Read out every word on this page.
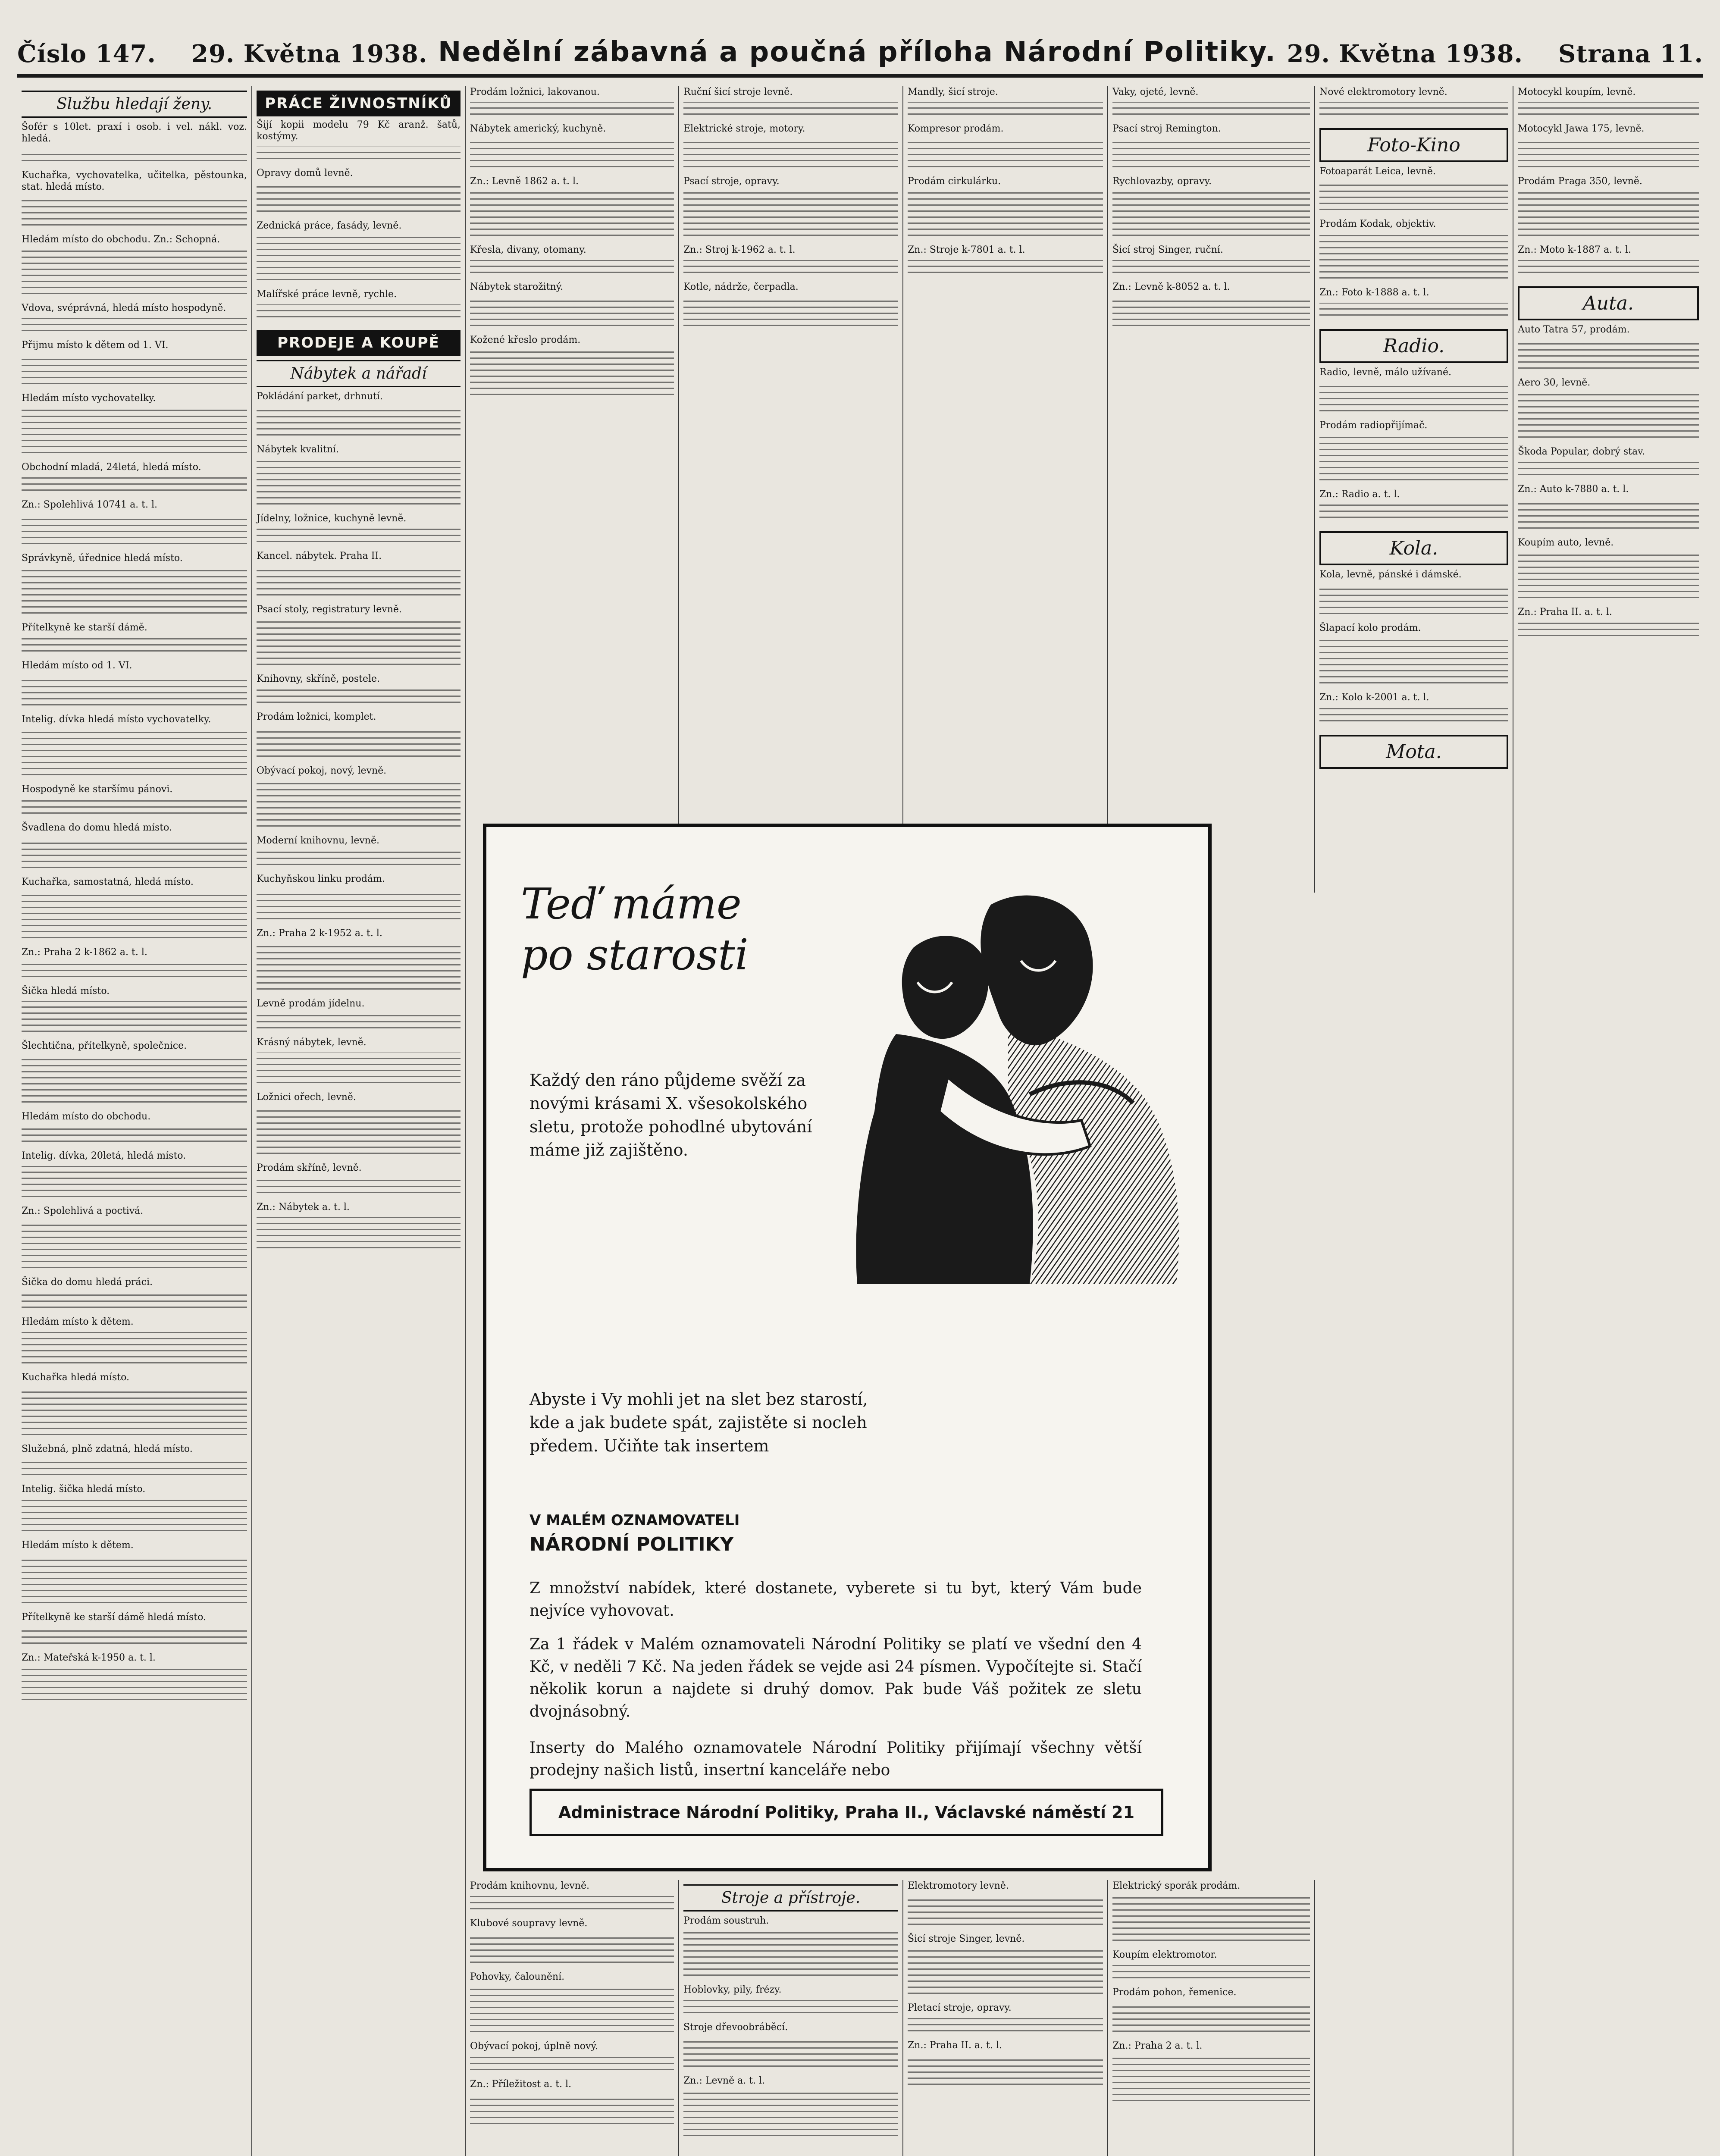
Číslo 147. 29. Května 1938. Nedělní zábavná a poučná příloha Národní Politiky. 29. Května 1938. Strana 11.
Službu hledají ženy.

Šofér s 10let. praxí i osob. i vel. nákl. voz. hledá.

Kuchařka, vychovatelka, učitelka, pěstounka, stat. hledá místo.

Hledám místo do obchodu. Zn.: Schopná.

Vdova, svéprávná, hledá místo hospodyně.

Přijmu místo k dětem od 1. VI.

Hledám místo vychovatelky.

Obchodní mladá, 24letá, hledá místo.

Zn.: Spolehlivá 10741 a. t. l.

Správkyně, úřednice hledá místo.

Přítelkyně ke starší dámě.

Hledám místo od 1. VI.

Intelig. dívka hledá místo vychovatelky.

Hospodyně ke staršímu pánovi.

Švadlena do domu hledá místo.

Kuchařka, samostatná, hledá místo.

Zn.: Praha 2 k-1862 a. t. l.

Šička hledá místo.

Šlechtična, přítelkyně, společnice.

Hledám místo do obchodu.

Intelig. dívka, 20letá, hledá místo.

Zn.: Spolehlivá a poctivá.

Šička do domu hledá práci.

Hledám místo k dětem.

Kuchařka hledá místo.

Služebná, plně zdatná, hledá místo.

Intelig. šička hledá místo.

Hledám místo k dětem.

Přítelkyně ke starší dámě hledá místo.

Zn.: Mateřská k-1950 a. t. l.

PRÁCE ŽIVNOSTNÍKŮ

Šijí kopii modelu 79 Kč aranž. šatů, kostýmy.

Opravy domů levně.

Zednická práce, fasády, levně.

Malířské práce levně, rychle.

PRODEJE A KOUPĚ
Nábytek a nářadí

Pokládání parket, drhnutí.

Nábytek kvalitní.

Jídelny, ložnice, kuchyně levně.

Kancel. nábytek. Praha II.

Psací stoly, registratury levně.

Knihovny, skříně, postele.

Prodám ložnici, komplet.

Obývací pokoj, nový, levně.

Moderní knihovnu, levně.

Kuchyňskou linku prodám.

Zn.: Praha 2 k-1952 a. t. l.

Levně prodám jídelnu.

Krásný nábytek, levně.

Ložnici ořech, levně.

Prodám skříně, levně.

Zn.: Nábytek a. t. l.

Prodám ložnici, lakovanou.

Nábytek americký, kuchyně.

Zn.: Levně 1862 a. t. l.

Křesla, divany, otomany.

Nábytek starožitný.

Kožené křeslo prodám.

Prodám knihovnu, levně.

Klubové soupravy levně.

Pohovky, čalounění.

Obývací pokoj, úplně nový.

Zn.: Příležitost a. t. l.

Ruční šicí stroje levně.

Elektrické stroje, motory.

Psací stroje, opravy.

Zn.: Stroj k-1962 a. t. l.

Kotle, nádrže, čerpadla.

Stroje a přístroje.

Prodám soustruh.

Hoblovky, pily, frézy.

Stroje dřevoobráběcí.

Zn.: Levně a. t. l.

Mandly, šicí stroje.

Kompresor prodám.

Prodám cirkulárku.

Zn.: Stroje k-7801 a. t. l.

Elektromotory levně.

Šicí stroje Singer, levně.

Pletací stroje, opravy.

Zn.: Praha II. a. t. l.

Vaky, ojeté, levně.

Psací stroj Remington.

Rychlovazby, opravy.

Šicí stroj Singer, ruční.

Zn.: Levně k-8052 a. t. l.

Elektrický sporák prodám.

Koupím elektromotor.

Prodám pohon, řemenice.

Zn.: Praha 2 a. t. l.

Nové elektromotory levně.

Foto-Kino

Fotoaparát Leica, levně.

Prodám Kodak, objektiv.

Zn.: Foto k-1888 a. t. l.

Radio.

Radio, levně, málo užívané.

Prodám radiopřijímač.

Zn.: Radio a. t. l.

Kola.

Kola, levně, pánské i dámské.

Šlapací kolo prodám.

Zn.: Kolo k-2001 a. t. l.

Mota.

Motocykl koupím, levně.

Motocykl Jawa 175, levně.

Prodám Praga 350, levně.

Zn.: Moto k-1887 a. t. l.

Auta.

Auto Tatra 57, prodám.

Aero 30, levně.

Škoda Popular, dobrý stav.

Zn.: Auto k-7880 a. t. l.

Koupím auto, levně.

Zn.: Praha II. a. t. l.

Teď máme
po starosti
Každý den ráno půjdeme svěží za novými krásami X. všesokolského sletu, protože pohodlné ubytování máme již zajištěno.
Abyste i Vy mohli jet na slet bez starostí, kde a jak budete spát, zajistěte si nocleh předem. Učiňte tak insertem
V MALÉM OZNAMOVATELI
NÁRODNÍ POLITIKY
Z množství nabídek, které dostanete, vyberete si tu byt, který Vám bude nejvíce vyhovovat.
Za 1 řádek v Malém oznamovateli Národní Politiky se platí ve všední den 4 Kč, v neděli 7 Kč. Na jeden řádek se vejde asi 24 písmen. Vypočítejte si. Stačí několik korun a najdete si druhý domov. Pak bude Váš požitek ze sletu dvojnásobný.
Inserty do Malého oznamovatele Národní Politiky přijímají všechny větší prodejny našich listů, insertní kanceláře nebo
Administrace Národní Politiky, Praha II., Václavské náměstí 21
